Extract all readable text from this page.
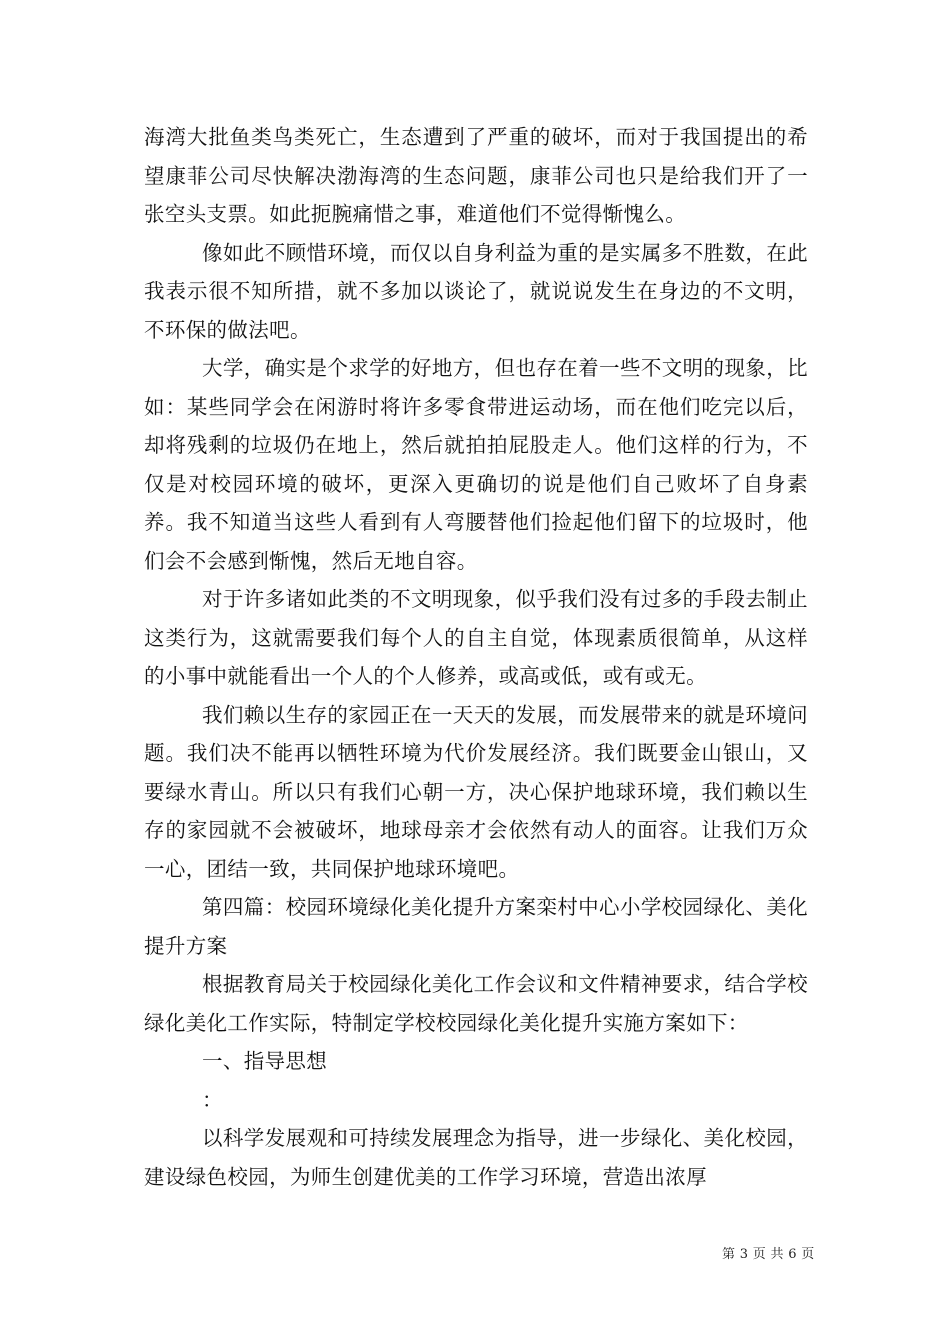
海湾大批鱼类鸟类死亡，生态遭到了严重的破坏，而对于我国提出的希望康菲公司尽快解决渤海湾的生态问题，康菲公司也只是给我们开了一张空头支票。如此扼腕痛惜之事，难道他们不觉得惭愧么。

像如此不顾惜环境，而仅以自身利益为重的是实属多不胜数，在此我表示很不知所措，就不多加以谈论了，就说说发生在身边的不文明，不环保的做法吧。

大学，确实是个求学的好地方，但也存在着一些不文明的现象，比如：某些同学会在闲游时将许多零食带进运动场，而在他们吃完以后，却将残剩的垃圾仍在地上，然后就拍拍屁股走人。他们这样的行为，不仅是对校园环境的破坏，更深入更确切的说是他们自己败坏了自身素养。我不知道当这些人看到有人弯腰替他们捡起他们留下的垃圾时，他们会不会感到惭愧，然后无地自容。

对于许多诸如此类的不文明现象，似乎我们没有过多的手段去制止这类行为，这就需要我们每个人的自主自觉，体现素质很简单，从这样的小事中就能看出一个人的个人修养，或高或低，或有或无。

我们赖以生存的家园正在一天天的发展，而发展带来的就是环境问题。我们决不能再以牺牲环境为代价发展经济。我们既要金山银山，又要绿水青山。所以只有我们心朝一方，决心保护地球环境，我们赖以生存的家园就不会被破坏，地球母亲才会依然有动人的面容。让我们万众一心，团结一致，共同保护地球环境吧。

第四篇：校园环境绿化美化提升方案栾村中心小学校园绿化、美化提升方案

根据教育局关于校园绿化美化工作会议和文件精神要求，结合学校绿化美化工作实际，特制定学校校园绿化美化提升实施方案如下：

一、指导思想

：

以科学发展观和可持续发展理念为指导，进一步绿化、美化校园，建设绿色校园，为师生创建优美的工作学习环境，营造出浓厚

第 3 页 共 6 页
